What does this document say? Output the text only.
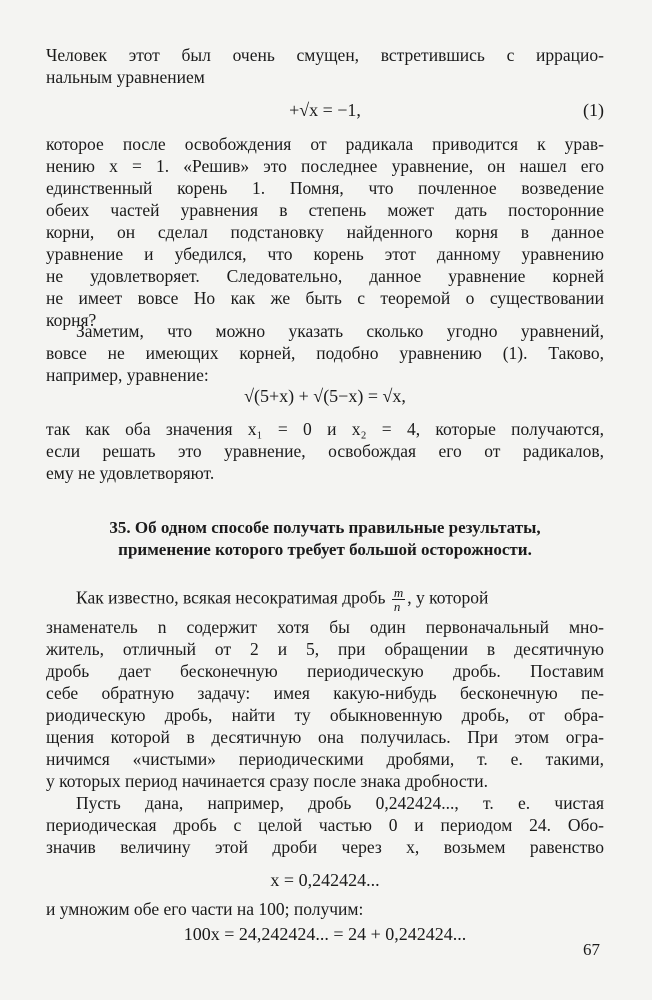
Человек этот был очень смущен, встретившись с иррацио-
нальным уравнением
+√x = −1,	(1)
которое после освобождения от радикала приводится к урав-
нению x = 1. «Решив» это последнее уравнение, он нашел его
единственный корень 1. Помня, что почленное возведение
обеих частей уравнения в степень может дать посторонние
корни, он сделал подстановку найденного корня в данное
уравнение и убедился, что корень этот данному уравнению
не удовлетворяет. Следовательно, данное уравнение корней
не имеет вовсе Но как же быть с теоремой о существовании
корня?
Заметим, что можно указать сколько угодно уравнений,
вовсе не имеющих корней, подобно уравнению (1). Таково,
например, уравнение:
√(5+x) + √(5−x) = √x,
так как оба значения x₁ = 0 и x₂ = 4, которые получаются,
если решать это уравнение, освобождая его от радикалов,
ему не удовлетворяют.
35. Об одном способе получать правильные результаты,
применение которого требует большой осторожности.
Как известно, всякая несократимая дробь $\frac{m}{n}$ , у которой
знаменатель n содержит хотя бы один первоначальный мно-
житель, отличный от 2 и 5, при обращении в десятичную
дробь дает бесконечную периодическую дробь. Поставим
себе обратную задачу: имея какую-нибудь бесконечную пе-
риодическую дробь, найти ту обыкновенную дробь, от обра-
щения которой в десятичную она получилась. При этом огра-
ничимся «чистыми» периодическими дробями, т. е. такими,
у которых период начинается сразу после знака дробности.
Пусть дана, например, дробь 0,242424..., т. е. чистая
периодическая дробь с целой частью 0 и периодом 24. Обо-
значив величину этой дроби через x, возьмем равенство
x = 0,242424...
и умножим обе его части на 100; получим:
100x = 24,242424... = 24 + 0,242424...
67
